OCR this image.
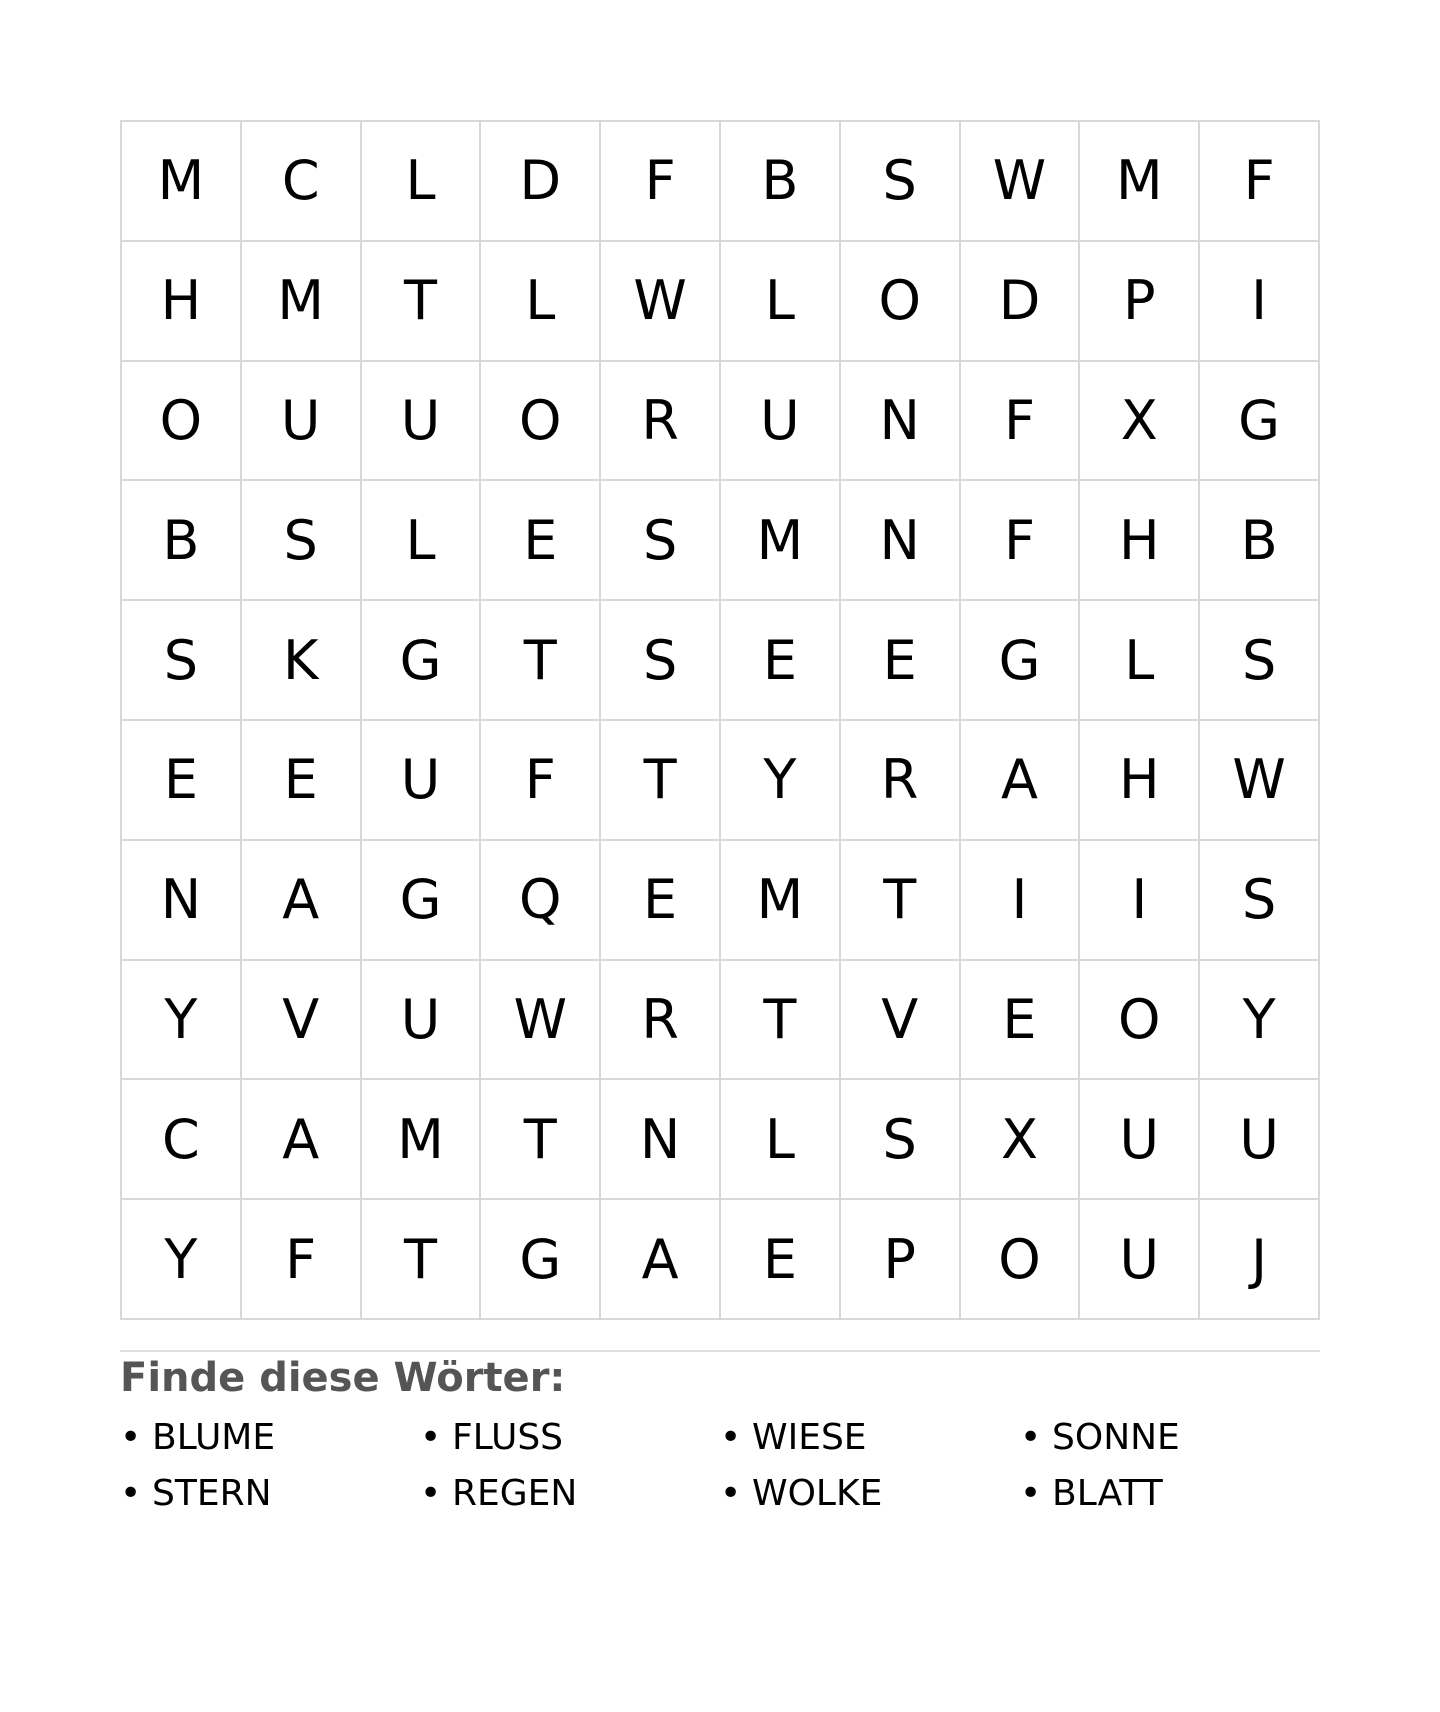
M	C	L	D	F	B	S	W	M	F
H	M	T	L	W	L	O	D	P	I
O	U	U	O	R	U	N	F	X	G
B	S	L	E	S	M	N	F	H	B
S	K	G	T	S	E	E	G	L	S
E	E	U	F	T	Y	R	A	H	W
N	A	G	Q	E	M	T	I	I	S
Y	V	U	W	R	T	V	E	O	Y
C	A	M	T	N	L	S	X	U	U
Y	F	T	G	A	E	P	O	U	J
Finde diese Wörter:
• BLUME	• FLUSS	• WIESE	• SONNE
• STERN	• REGEN	• WOLKE	• BLATT
